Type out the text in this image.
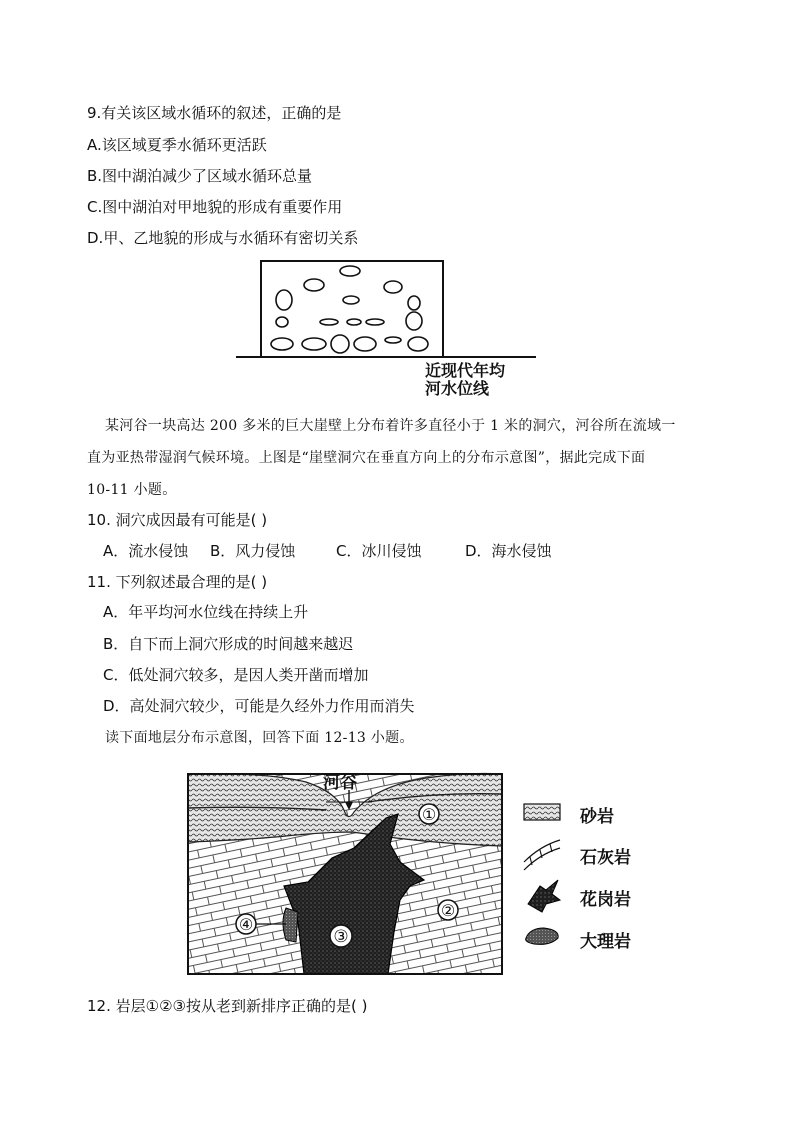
9.有关该区域水循环的叙述，正确的是
A.该区域夏季水循环更活跃
B.图中湖泊减少了区域水循环总量
C.图中湖泊对甲地貌的形成有重要作用
D.甲、乙地貌的形成与水循环有密切关系
近现代年均
河水位线
某河谷一块高达 200 多米的巨大崖壁上分布着许多直径小于 1 米的洞穴，河谷所在流域一
直为亚热带湿润气候环境。上图是“崖壁洞穴在垂直方向上的分布示意图”，据此完成下面
10-11 小题。
10. 洞穴成因最有可能是( )
A．流水侵蚀 B．风力侵蚀	C．冰川侵蚀	D．海水侵蚀
11. 下列叙述最合理的是( )
A．年平均河水位线在持续上升
B．自下而上洞穴形成的时间越来越迟
C．低处洞穴较多，是因人类开凿而增加
D．高处洞穴较少，可能是久经外力作用而消失
读下面地层分布示意图，回答下面 12-13 小题。
河谷
①
②
③
④
砂岩
石灰岩
花岗岩
大理岩
12. 岩层①②③按从老到新排序正确的是( )
